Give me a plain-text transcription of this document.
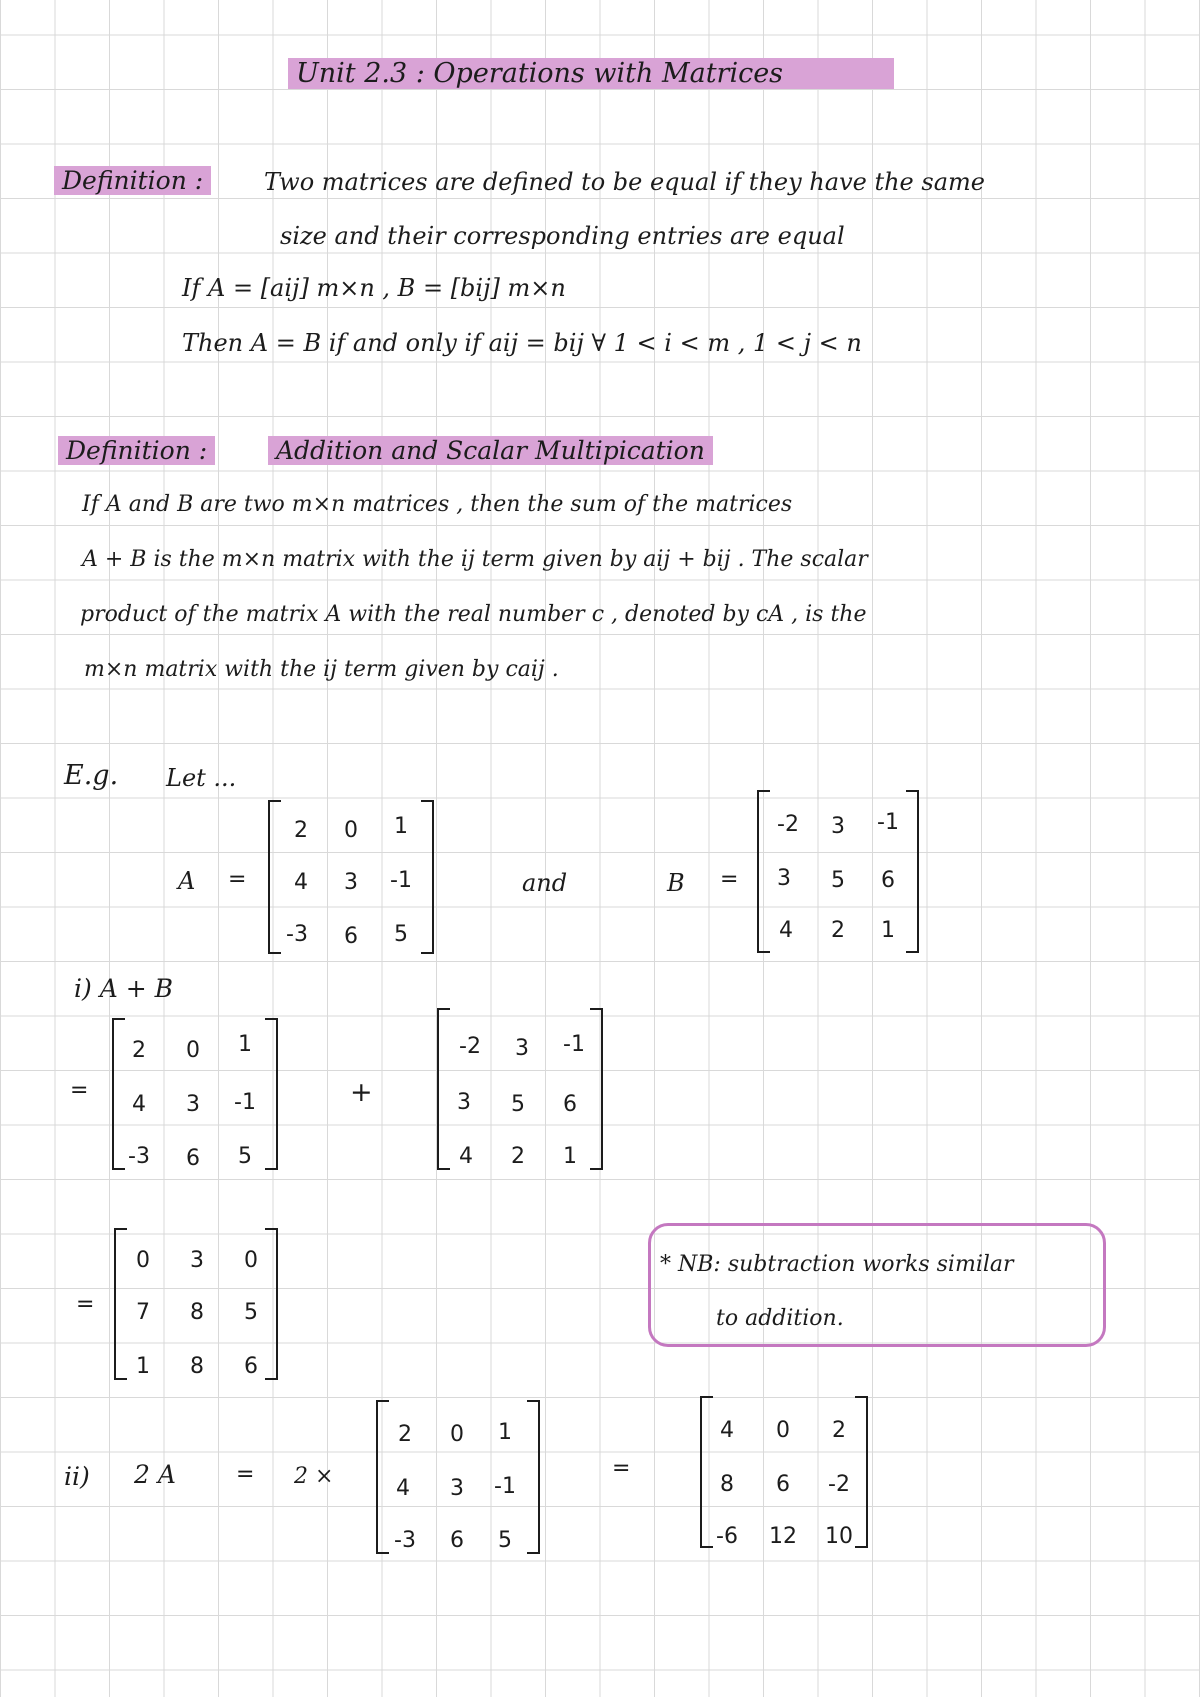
Unit 2.3 : Operations with Matrices
Definition :	Two matrices are defined to be equal if they have the same
size and their corresponding entries are equal
If A = [aij] m×n , B = [bij] m×n
Then A = B if and only if aij = bij ∀ 1 < i < m , 1 < j < n
Definition :	Addition and Scalar Multipication
If A and B are two m×n matrices , then the sum of the matrices
A + B is the m×n matrix with the ij term given by aij + bij . The scalar
product of the matrix A with the real number c , denoted by cA , is the
m×n matrix with the ij term given by caij .
E.g. Let ...
A =
2	0	1
4	3	-1
-3	6	5
and	B =
-2	3	-1
3	5	6
4	2	1
i) A + B
=
2	0	1
4	3	-1
-3	6	5
+
-2	3	-1
3	5	6
4	2	1
=
0	3	0
7	8	5
1	8	6
* NB: subtraction works similar
to addition.
ii) 2 A	= 2 ×
2	0	1
4	3	-1
-3	6	5
=
4	0	2
8	6	-2
-6	12	10
